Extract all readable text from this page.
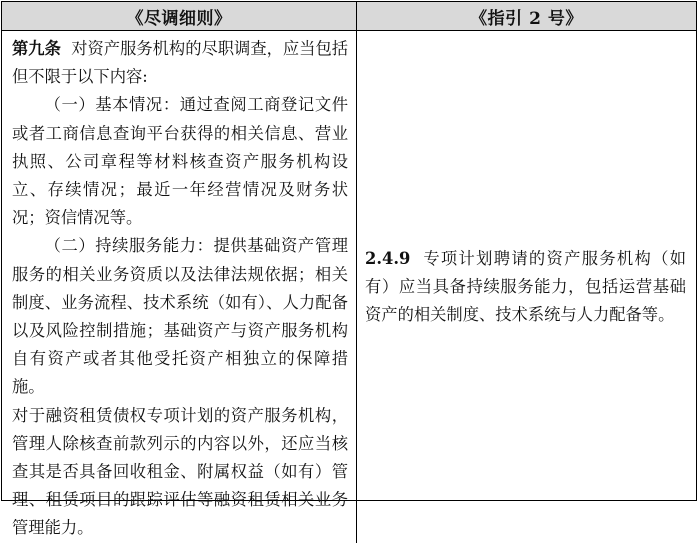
《尽调细则》	《指引 2 号》

第九条 对资产服务机构的尽职调查，应当包括但不限于以下内容:

（一）基本情况：通过查阅工商登记文件或者工商信息查询平台获得的相关信息、营业执照、公司章程等材料核查资产服务机构设立、存续情况；最近一年经营情况及财务状况；资信情况等。

（二）持续服务能力：提供基础资产管理服务的相关业务资质以及法律法规依据；相关制度、业务流程、技术系统（如有）、人力配备以及风险控制措施；基础资产与资产服务机构自有资产或者其他受托资产相独立的保障措施。

对于融资租赁债权专项计划的资产服务机构，管理人除核查前款列示的内容以外，还应当核查其是否具备回收租金、附属权益（如有）管理、租赁项目的跟踪评估等融资租赁相关业务管理能力。

2.4.9 专项计划聘请的资产服务机构（如有）应当具备持续服务能力，包括运营基础资产的相关制度、技术系统与人力配备等。
